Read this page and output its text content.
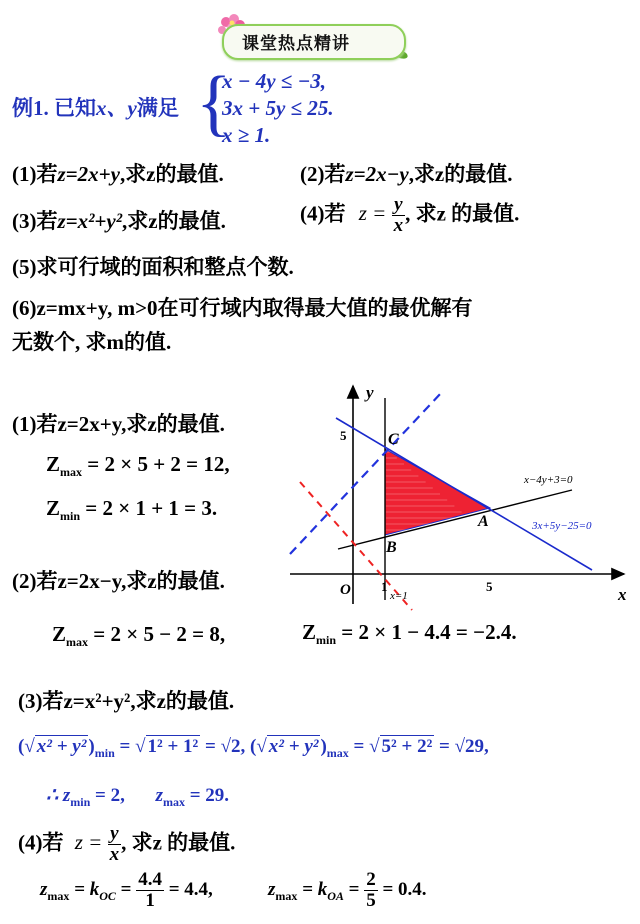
课堂热点精讲
例1. 已知x、y满足 {
x − 4y ≤ −3,
3x + 5y ≤ 25.
x ≥ 1.
(1)若z=2x+y,求z的最值.	(2)若z=2x−y,求z的最值.
(3)若z=x²+y²,求z的最值.	(4)若 $z = \frac{y}{x}$ , 求z 的最值.
(5)求可行域的面积和整点个数.
(6)z=mx+y, m>0在可行域内取得最大值的最优解有
无数个, 求m的值.
(1)若z=2x+y,求z的最值.
$Z_{max} = 2 \times 5 + 2 = 12$,
$Z_{min} = 2 \times 1 + 1 = 3$.
(2)若z=2x−y,求z的最值.
$Z_{max} = 2 \times 5 - 2 = 8$,	$Z_{min} = 2 \times 1 - 4.4 = -2.4$.
(3)若z=x²+y²,求z的最值.
(√ x² + y² )$_{min}$ = √ 1² + 1² = √2, (√ x² + y² )$_{max}$ = √ 5² + 2² = √29,
∴ $z_{min} = 2$, $z_{max} = 29$.
(4)若 $z = \frac{y}{x}$ , 求z 的最值.
$z_{max} = k_{OC} = \frac{4.4}{1} = 4.4$,	$z_{max} = k_{OA} = \frac{2}{5} = 0.4$.
y
x
O
5
1	5
C
B
A
x−4y+3=0
3x+5y−25=0
x=1
